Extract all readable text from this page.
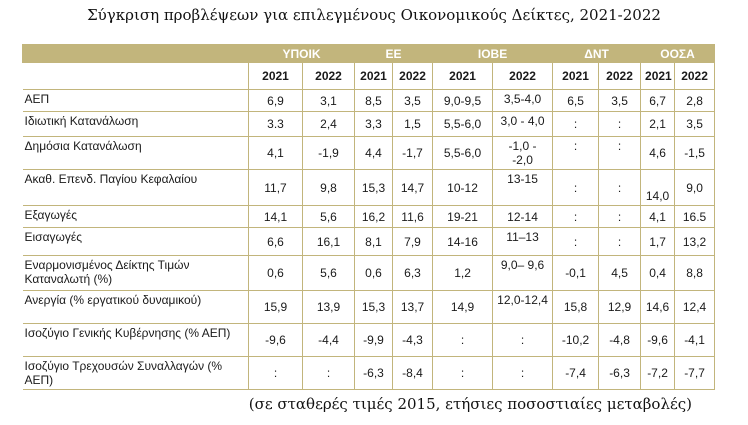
Σύγκριση προβλέψεων για επιλεγμένους Οικονομικούς Δείκτες, 2021-2022
	ΥΠΟΙΚ		ΕΕ		ΙΟΒΕ		ΔΝΤ		ΟΟΣΑ	
	2021	2022	2021	2022	2021	2022	2021	2022	2021	2022
ΑΕΠ	6,9	3,1	8,5	3,5	9,0-9,5	3,5-4,0	6,5	3,5	6,7	2,8
Ιδιωτική Κατανάλωση	3.3	2,4	3,3	1,5	5,5-6,0	3,0 - 4,0	:	:	2,1	3,5
Δημόσια Κατανάλωση	4,1	-1,9	4,4	-1,7	5,5-6,0	-1,0 - -2,0	:	:	4,6	-1,5
Ακαθ. Επενδ. Παγίου Κεφαλαίου	11,7	9,8	15,3	14,7	10-12	13-15	:	:	14,0	9,0
Εξαγωγές	14,1	5,6	16,2	11,6	19-21	12-14	:	:	4,1	16.5
Εισαγωγές	6,6	16,1	8,1	7,9	14-16	11–13	:	:	1,7	13,2
Εναρμονισμένος Δείκτης Τιμών Καταναλωτή (%)	0,6	5,6	0,6	6,3	1,2	9,0– 9,6	-0,1	4,5	0,4	8,8
Ανεργία (% εργατικού δυναμικού)	15,9	13,9	15,3	13,7	14,9	12,0-12,4	15,8	12,9	14,6	12,4
Ισοζύγιο Γενικής Κυβέρνησης (% ΑΕΠ)	-9,6	-4,4	-9,9	-4,3	:	:	-10,2	-4,8	-9,6	-4,1
Ισοζύγιο Τρεχουσών Συναλλαγών (% ΑΕΠ)	:	:	-6,3	-8,4	:	:	-7,4	-6,3	-7,2	-7,7
(σε σταθερές τιμές 2015, ετήσιες ποσοστιαίες μεταβολές)
